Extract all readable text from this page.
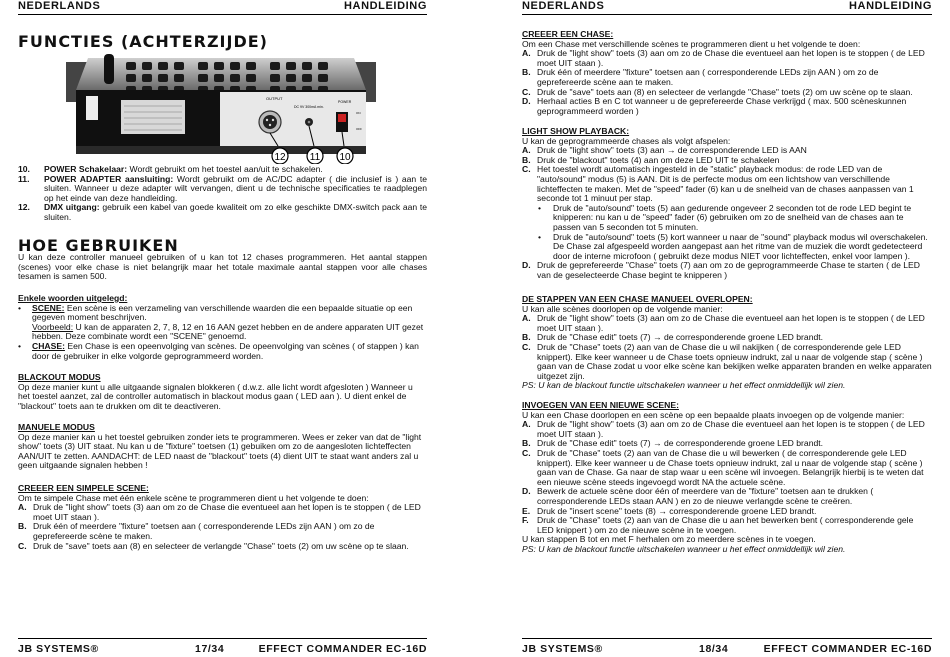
NEDERLANDS	HANDLEIDING
FUNCTIES (ACHTERZIJDE)
OUTPUT
DC 9V 300mA min.
POWER
ON
OFF
12 11 10
10.	POWER Schakelaar: Wordt gebruikt om het toestel aan/uit te schakelen.
11.	POWER ADAPTER aansluiting: Wordt gebruikt om de AC/DC adapter ( die inclusief is ) aan te sluiten. Wanneer u deze adapter wilt vervangen, dient u de technische specificaties te raadplegen op het einde van deze handleiding.
12.	DMX uitgang: gebruik een kabel van goede kwaliteit om zo elke geschikte DMX-switch pack aan te sluiten.
HOE GEBRUIKEN
U kan deze controller manueel gebruiken of u kan tot 12 chases programmeren. Het aantal stappen (scenes) voor elke chase is niet belangrijk maar het totale maximale aantal stappen voor alle chases tesamen is samen 500.
Enkele woorden uitgelegd:
•	SCENE: Een scène is een verzameling van verschillende waarden die een bepaalde situatie op een gegeven moment beschrijven.
Voorbeeld: U kan de apparaten 2, 7, 8, 12 en 16 AAN gezet hebben en de andere apparaten UIT gezet hebben. Deze combinate wordt een "SCENE" genoemd.
•	CHASE: Een Chase is een opeenvolging van scènes. De opeenvolging van scènes ( of stappen ) kan door de gebruiker in elke volgorde geprogrammeerd worden.
BLACKOUT MODUS
Op deze manier kunt u alle uitgaande signalen blokkeren ( d.w.z. alle licht wordt afgesloten ) Wanneer u het toestel aanzet, zal de controller automatisch in blackout modus gaan ( LED aan ). U dient enkel de "blackout" toets aan te drukken om dit te deactiveren.
MANUELE MODUS
Op deze manier kan u het toestel gebruiken zonder iets te programmeren. Wees er zeker van dat de "light show" toets (3) UIT staat. Nu kan u de "fixture" toetsen (1) gebuiken om zo de aangesloten lichteffecten AAN/UIT te zetten. AANDACHT: de LED naast de "blackout" toets (4) dient UIT te staat want anders zal u geen uitgaande signalen hebben !
CREEER EEN SIMPELE SCENE:
Om te simpele Chase met één enkele scène te programmeren dient u het volgende te doen:
A. Druk de "light show" toets (3) aan om zo de Chase die eventueel aan het lopen is te stoppen ( de LED moet UIT staan ).
B. Druk één of meerdere "fixture" toetsen aan ( corresponderende LEDs zijn AAN ) om zo de geprefereerde scène te maken.
C. Druk de "save" toets aan (8) en selecteer de verlangde "Chase" toets (2) om uw scène op te slaan.
JB SYSTEMS®	17/34	EFFECT COMMANDER EC-16D
NEDERLANDS	HANDLEIDING
CREEER EEN CHASE:
Om een Chase met verschillende scènes te programmeren dient u het volgende te doen:
A. Druk de "light show" toets (3) aan om zo de Chase die eventueel aan het lopen is te stoppen ( de LED moet UIT staan ).
B. Druk één of meerdere "fixture" toetsen aan ( corresponderende LEDs zijn AAN ) om zo de geprefereerde scène aan te maken.
C. Druk de "save" toets aan (8) en selecteer de verlangde "Chase" toets (2) om uw scène op te slaan.
D. Herhaal acties B en C tot wanneer u de geprefereerde Chase verkrijgd ( max. 500 scèneskunnen geprogrammeerd worden )
LIGHT SHOW PLAYBACK:
U kan de geprogrammeerde chases als volgt afspelen:
A. Druk de "light show" toets (3) aan → de corresponderende LED is AAN
B. Druk de "blackout" toets (4) aan om deze LED UIT te schakelen
C. Het toestel wordt automatisch ingesteld in de "static" playback modus: de rode LED van de "auto/sound" modus (5) is AAN. Dit is de perfecte modus om een lichtshow van verschillende lichteffecten te maken. Met de "speed" fader (6) kan u de snelheid van de chases aanpassen van 1 seconde tot 1 minuut per stap.
•	Druk de "auto/sound" toets (5) aan gedurende ongeveer 2 seconden tot de rode LED begint te knipperen: nu kan u de "speed" fader (6) gebruiken om zo de snelheid van de chases aan te passen van 5 seconden tot 5 minuten.
•	Druk de "auto/sound" toets (5) kort wanneer u naar de "sound" playback modus wil overschakelen. De Chase zal afgespeeld worden aangepast aan het ritme van de muziek die wordt gedetecteerd door de interne microfoon ( gebruikt deze modus NIET voor lichteffecten, enkel voor lampen ).
D. Druk de geprefereerde "Chase" toets (7) aan om zo de geprogrammeerde Chase te starten ( de LED van de geselecteerde Chase begint te knipperen )
DE STAPPEN VAN EEN CHASE MANUEEL OVERLOPEN:
U kan alle scènes doorlopen op de volgende manier:
A. Druk de "light show" toets (3) aan om zo de Chase die eventueel aan het lopen is te stoppen ( de LED moet UIT staan ).
B. Druk de "Chase edit" toets (7) → de corresponderende groene LED brandt.
C. Druk de "Chase" toets (2) aan van de Chase die u wil nakijken ( de corresponderende gele LED knippert). Elke keer wanneer u de Chase toets opnieuw indrukt, zal u naar de volgende stap ( scène ) gaan van de Chase zodat u voor elke scène kan bekijken welke apparaten branden en welke apparaten uitgezet zijn.
PS: U kan de blackout functie uitschakelen wanneer u het effect onmiddellijk wil zien.
INVOEGEN VAN EEN NIEUWE SCENE:
U kan een Chase doorlopen en een scène op een bepaalde plaats invoegen op de volgende manier:
A. Druk de "light show" toets (3) aan om zo de Chase die eventueel aan het lopen is te stoppen ( de LED moet UIT staan ).
B. Druk de "Chase edit" toets (7) → de corresponderende groene LED brandt.
C. Druk de "Chase" toets (2) aan van de Chase die u wil bewerken ( de corresponderende gele LED knippert). Elke keer wanneer u de Chase toets opnieuw indrukt, zal u naar de volgende stap ( scène ) gaan van de Chase. Ga naar de stap waar u een scène wil invoegen. Belangrijk hierbij is te weten dat een nieuwe scène steeds ingevoegd wordt NA the actuele scène.
D. Bewerk de actuele scène door één of meerdere van de "fixture" toetsen aan te drukken ( corresponderende LEDs staan AAN ) en zo de nieuwe verlangde scène te creëren.
E. Druk de "insert scene" toets (8) → corresponderende groene LED brandt.
F. Druk de "Chase" toets (2) aan van de Chase die u aan het bewerken bent ( corresponderende gele LED knippert ) om zo de nieuwe scène in te voegen.
U kan stappen B tot en met F herhalen om zo meerdere scènes in te voegen.
PS: U kan de blackout functie uitschakelen wanneer u het effect onmiddellijk wil zien.
JB SYSTEMS®	18/34	EFFECT COMMANDER EC-16D
